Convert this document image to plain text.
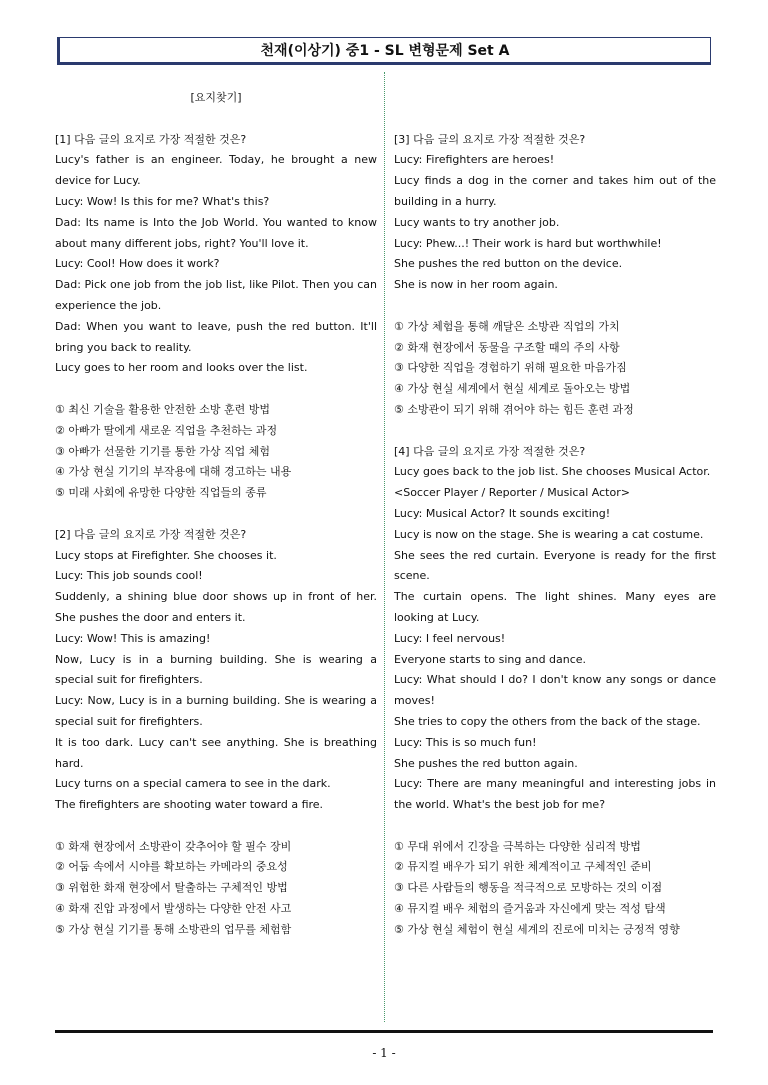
천재(이상기) 중1 - SL 변형문제 Set A

[요지찾기]

[1] 다음 글의 요지로 가장 적절한 것은?

Lucy's father is an engineer. Today, he brought a new device for Lucy.

Lucy: Wow! Is this for me? What's this?

Dad: Its name is Into the Job World. You wanted to know about many different jobs, right? You'll love it.

Lucy: Cool! How does it work?

Dad: Pick one job from the job list, like Pilot. Then you can experience the job.

Dad: When you want to leave, push the red button. It'll bring you back to reality.

Lucy goes to her room and looks over the list.

① 최신 기술을 활용한 안전한 소방 훈련 방법

② 아빠가 딸에게 새로운 직업을 추천하는 과정

③ 아빠가 선물한 기기를 통한 가상 직업 체험

④ 가상 현실 기기의 부작용에 대해 경고하는 내용

⑤ 미래 사회에 유망한 다양한 직업들의 종류

[2] 다음 글의 요지로 가장 적절한 것은?

Lucy stops at Firefighter. She chooses it.

Lucy: This job sounds cool!

Suddenly, a shining blue door shows up in front of her. She pushes the door and enters it.

Lucy: Wow! This is amazing!

Now, Lucy is in a burning building. She is wearing a special suit for firefighters.

Lucy: Now, Lucy is in a burning building. She is wearing a special suit for firefighters.

It is too dark. Lucy can't see anything. She is breathing hard.

Lucy turns on a special camera to see in the dark.

The firefighters are shooting water toward a fire.

① 화재 현장에서 소방관이 갖추어야 할 필수 장비

② 어둠 속에서 시야를 확보하는 카메라의 중요성

③ 위험한 화재 현장에서 탈출하는 구체적인 방법

④ 화재 진압 과정에서 발생하는 다양한 안전 사고

⑤ 가상 현실 기기를 통해 소방관의 업무를 체험함

[3] 다음 글의 요지로 가장 적절한 것은?

Lucy: Firefighters are heroes!

Lucy finds a dog in the corner and takes him out of the building in a hurry.

Lucy wants to try another job.

Lucy: Phew...! Their work is hard but worthwhile!

She pushes the red button on the device.

She is now in her room again.

① 가상 체험을 통해 깨달은 소방관 직업의 가치

② 화재 현장에서 동물을 구조할 때의 주의 사항

③ 다양한 직업을 경험하기 위해 필요한 마음가짐

④ 가상 현실 세계에서 현실 세계로 돌아오는 방법

⑤ 소방관이 되기 위해 겪어야 하는 힘든 훈련 과정

[4] 다음 글의 요지로 가장 적절한 것은?

Lucy goes back to the job list. She chooses Musical Actor.

<Soccer Player / Reporter / Musical Actor>

Lucy: Musical Actor? It sounds exciting!

Lucy is now on the stage. She is wearing a cat costume.

She sees the red curtain. Everyone is ready for the first scene.

The curtain opens. The light shines. Many eyes are looking at Lucy.

Lucy: I feel nervous!

Everyone starts to sing and dance.

Lucy: What should I do? I don't know any songs or dance moves!

She tries to copy the others from the back of the stage.

Lucy: This is so much fun!

She pushes the red button again.

Lucy: There are many meaningful and interesting jobs in the world. What's the best job for me?

① 무대 위에서 긴장을 극복하는 다양한 심리적 방법

② 뮤지컬 배우가 되기 위한 체계적이고 구체적인 준비

③ 다른 사람들의 행동을 적극적으로 모방하는 것의 이점

④ 뮤지컬 배우 체험의 즐거움과 자신에게 맞는 적성 탐색

⑤ 가상 현실 체험이 현실 세계의 진로에 미치는 긍정적 영향

- 1 -
